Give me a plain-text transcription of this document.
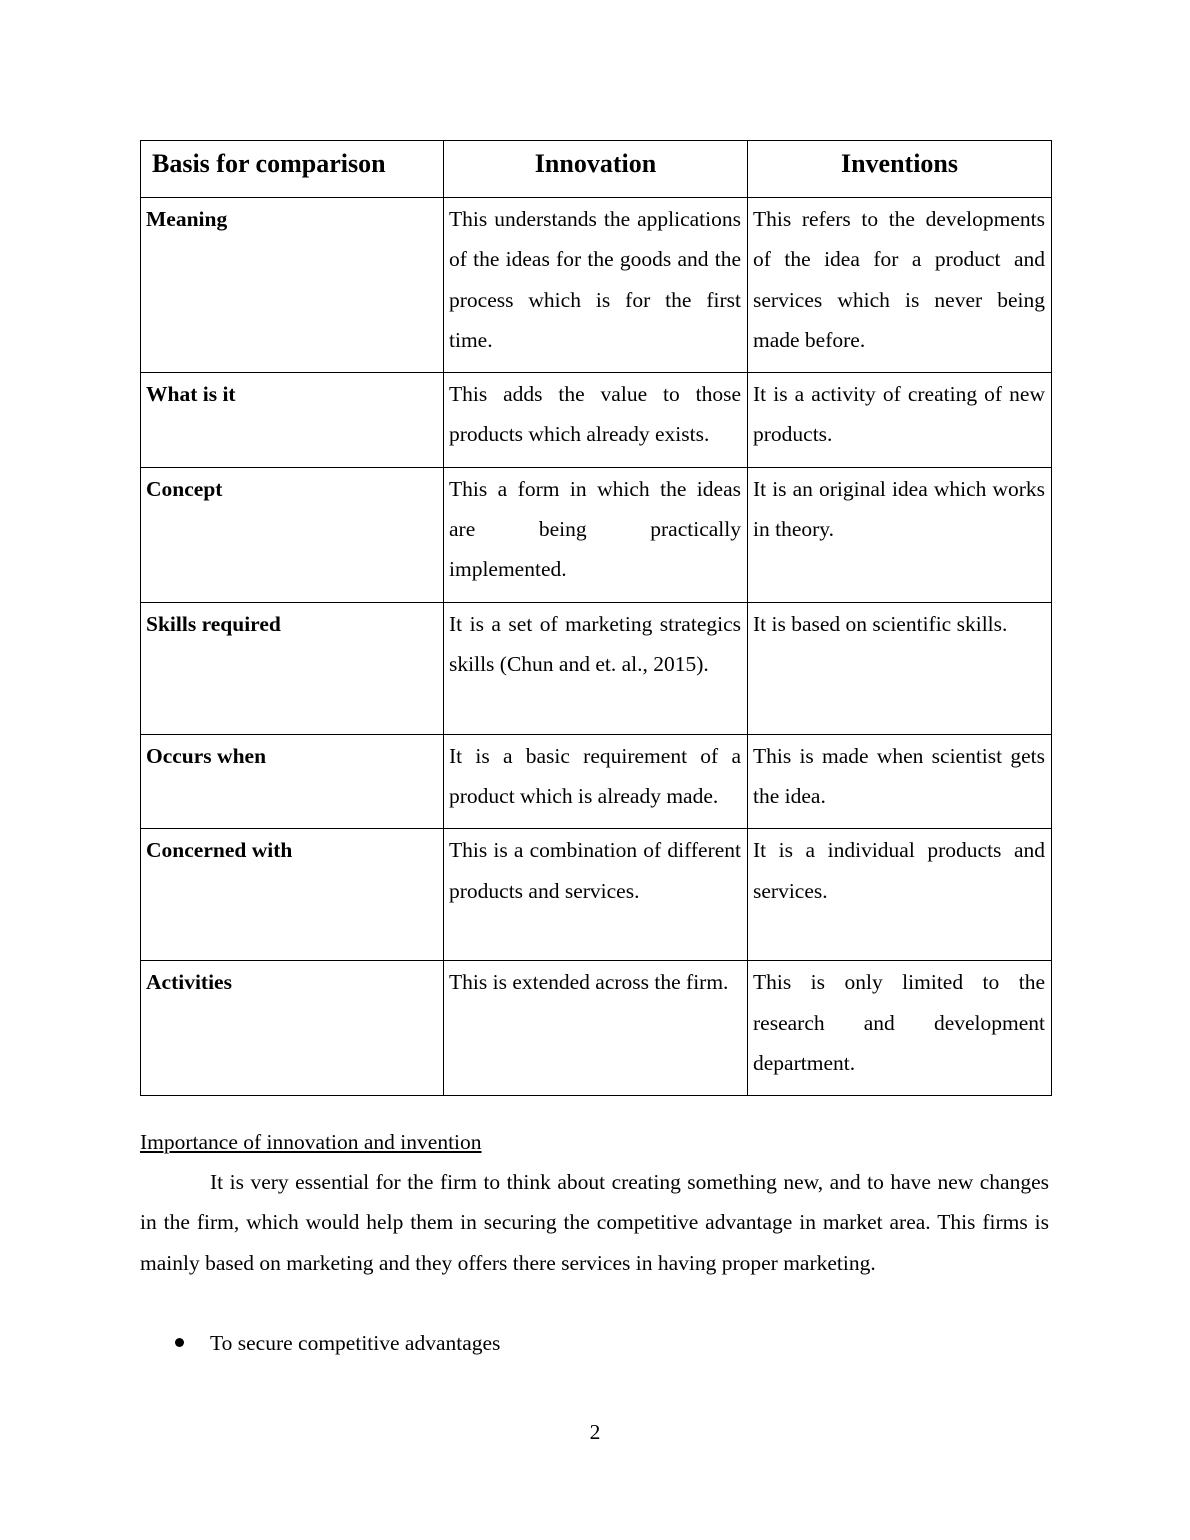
Basis for comparison	Innovation	Inventions
Meaning	This understands the applications of the ideas for the goods and the process which is for the first time.	This refers to the developments of the idea for a product and services which is never being made before.
What is it	This adds the value to those products which already exists.	It is a activity of creating of new products.
Concept	This a form in which the ideas are being practically implemented.	It is an original idea which works in theory.
Skills required	It is a set of marketing strategics skills (Chun and et. al., 2015).	It is based on scientific skills.
Occurs when	It is a basic requirement of a product which is already made.	This is made when scientist gets the idea.
Concerned with	This is a combination of different products and services.	It is a individual products and services.
Activities	This is extended across the firm.	This is only limited to the research and development department.
Importance of innovation and invention

It is very essential for the firm to think about creating something new, and to have new changes in the firm, which would help them in securing the competitive advantage in market area. This firms is mainly based on marketing and they offers there services in having proper marketing.

To secure competitive advantages
2
